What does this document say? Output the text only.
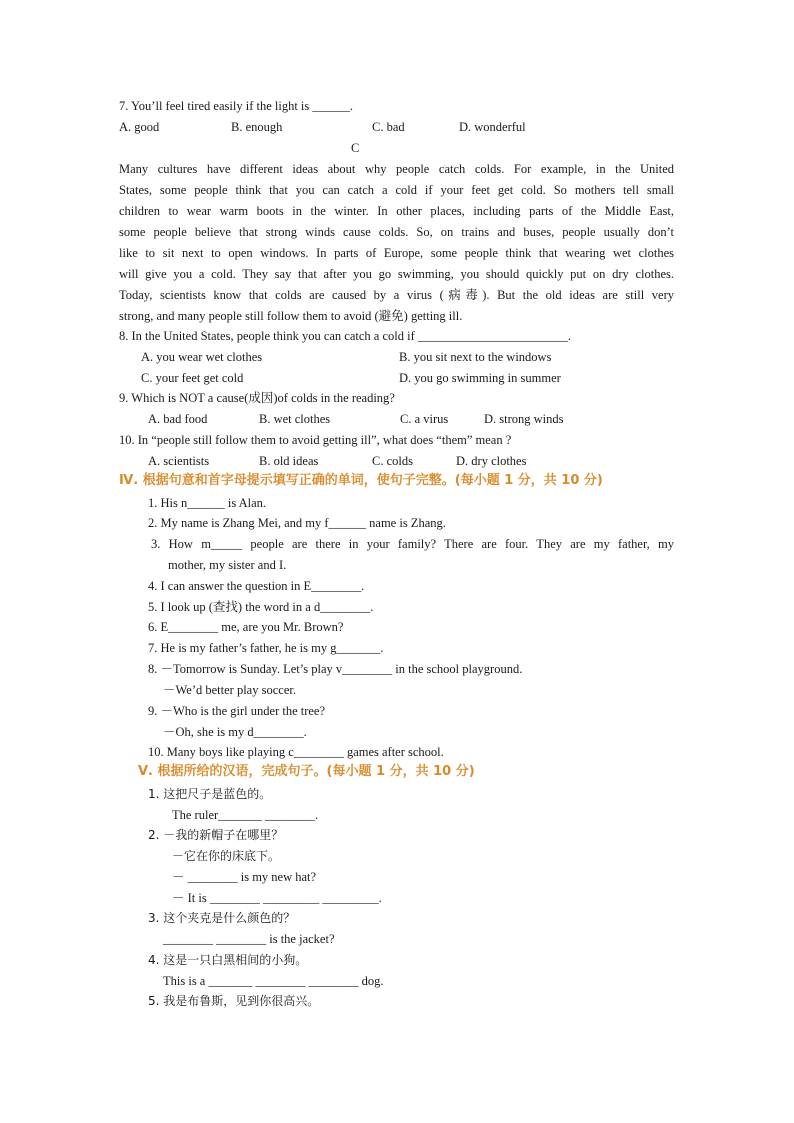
7. You’ll feel tired easily if the light is ______.
A. good	B. enough	C. bad	D. wonderful
C
Many cultures have different ideas about why people catch colds. For example, in the United
States, some people think that you can catch a cold if your feet get cold. So mothers tell small
children to wear warm boots in the winter. In other places, including parts of the Middle East,
some people believe that strong winds cause colds. So, on trains and buses, people usually don’t
like to sit next to open windows. In parts of Europe, some people think that wearing wet clothes
will give you a cold. They say that after you go swimming, you should quickly put on dry clothes.
Today, scientists know that colds are caused by a virus (病毒). But the old ideas are still very
strong, and many people still follow them to avoid (避免) getting ill.
8. In the United States, people think you can catch a cold if ________________________.
A. you wear wet clothes	B. you sit next to the windows
C. your feet get cold	D. you go swimming in summer
9. Which is NOT a cause(成因)of colds in the reading?
A. bad food	B. wet clothes	C. a virus	D. strong winds
10. In “people still follow them to avoid getting ill”, what does “them” mean ?
A. scientists	B. old ideas	C. colds	D. dry clothes
Ⅳ. 根据句意和首字母提示填写正确的单词，使句子完整。(每小题 1 分，共 10 分)
1. His n______ is Alan.
2. My name is Zhang Mei, and my f______ name is Zhang.
3. How m_____ people are there in your family? There are four. They are my father, my
mother, my sister and I.
4. I can answer the question in E________.
5. I look up (查找) the word in a d________.
6. E________ me, are you Mr. Brown?
7. He is my father’s father, he is my g_______.
8. －Tomorrow is Sunday. Let’s play v________ in the school playground.
－We’d better play soccer.
9. －Who is the girl under the tree?
－Oh, she is my d________.
10. Many boys like playing c________ games after school.
Ⅴ. 根据所给的汉语，完成句子。(每小题 1 分，共 10 分)
1. 这把尺子是蓝色的。
The ruler_______ ________.
2. －我的新帽子在哪里？
－它在你的床底下。
－ ________ is my new hat?
－ It is ________ _________ _________.
3. 这个夹克是什么颜色的？
________ ________ is the jacket?
4. 这是一只白黑相间的小狗。
This is a _______ ________ ________ dog.
5. 我是布鲁斯，见到你很高兴。
